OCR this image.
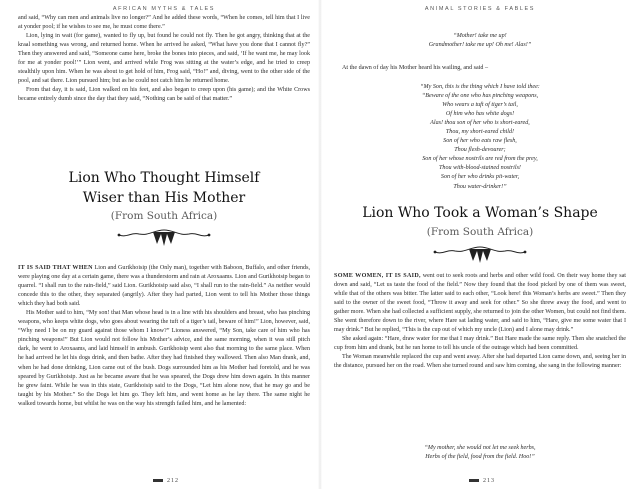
AFRICAN MYTHS & TALES

and said, “Why can men and animals live no longer?” And he added these words, “When he comes, tell him that I live at yonder pool; if he wishes to see me, he must come there.”

Lion, lying in wait (for game), wanted to fly up, but found he could not fly. Then he got angry, thinking that at the kraal something was wrong, and returned home. When he arrived he asked, “What have you done that I cannot fly?” Then they answered and said, “Someone came here, broke the bones into pieces, and said, ‘If he want me, he may look for me at yonder pool!’” Lion went, and arrived while Frog was sitting at the water’s edge, and he tried to creep stealthily upon him. When he was about to get hold of him, Frog said, “Ho!” and, diving, went to the other side of the pool, and sat there. Lion pursued him; but as he could not catch him he returned home.

From that day, it is said, Lion walked on his feet, and also began to creep upon (his game); and the White Crows became entirely dumb since the day that they said, “Nothing can be said of that matter.”

Lion Who Thought Himself
Wiser than His Mother
(From South Africa)

IT IS SAID THAT WHEN Lion and Gurikhoisip (the Only man), together with Baboon, Buffalo, and other friends, were playing one day at a certain game, there was a thunderstorm and rain at Aroxaams. Lion and Gurikhoisip began to quarrel. “I shall run to the rain-field,” said Lion. Gurikhoisip said also, “I shall run to the rain-field.” As neither would concede this to the other, they separated (angrily). After they had parted, Lion went to tell his Mother those things which they had both said.

His Mother said to him, “My son! that Man whose head is in a line with his shoulders and breast, who has pinching weapons, who keeps white dogs, who goes about wearing the tuft of a tiger’s tail, beware of him!” Lion, however, said, “Why need I be on my guard against those whom I know?” Lioness answered, “My Son, take care of him who has pinching weapons!” But Lion would not follow his Mother’s advice, and the same morning, when it was still pitch dark, he went to Aroxaams, and laid himself in ambush. Gurikhoisip went also that morning to the same place. When he had arrived he let his dogs drink, and then bathe. After they had finished they wallowed. Then also Man drank, and, when he had done drinking, Lion came out of the bush. Dogs surrounded him as his Mother had foretold, and he was speared by Gurikhoisip. Just as he became aware that he was speared, the Dogs drew him down again. In this manner he grew faint. While he was in this state, Gurikhoisip said to the Dogs, “Let him alone now, that he may go and be taught by his Mother.” So the Dogs let him go. They left him, and went home as he lay there. The same night he walked towards home, but whilst he was on the way his strength failed him, and he lamented:

212
ANIMAL STORIES & FABLES
“Mother! take me up!
Grandmother! take me up! Oh me! Alas!”

At the dawn of day his Mother heard his wailing, and said –

“My Son, this is the thing which I have told thee:
“Beware of the one who has pinching weapons,
Who wears a tuft of tiger’s tail,
Of him who has white dogs!
Alas! thou son of her who is short-eared,
Thou, my short-eared child!
Son of her who eats raw flesh,
Thou flesh-devourer;
Son of her whose nostrils are red from the prey,
Thou with-blood-stained nostrils!
Son of her who drinks pit-water,
Thou water-drinker!”
Lion Who Took a Woman’s Shape
(From South Africa)

SOME WOMEN, IT IS SAID, went out to seek roots and herbs and other wild food. On their way home they sat down and said, “Let us taste the food of the field.” Now they found that the food picked by one of them was sweet, while that of the others was bitter. The latter said to each other, “Look here! this Woman’s herbs are sweet.” Then they said to the owner of the sweet food, “Throw it away and seek for other.” So she threw away the food, and went to gather more. When she had collected a sufficient supply, she returned to join the other Women, but could not find them. She went therefore down to the river, where Hare sat lading water, and said to him, “Hare, give me some water that I may drink.” But he replied, “This is the cup out of which my uncle (Lion) and I alone may drink.”

She asked again: “Hare, draw water for me that I may drink.” But Hare made the same reply. Then she snatched the cup from him and drank, but he ran home to tell his uncle of the outrage which had been committed.

The Woman meanwhile replaced the cup and went away. After she had departed Lion came down, and, seeing her in the distance, pursued her on the road. When she turned round and saw him coming, she sang in the following manner:

“My mother, she would not let me seek herbs,
Herbs of the field, food from the field. Hoo!”
213
